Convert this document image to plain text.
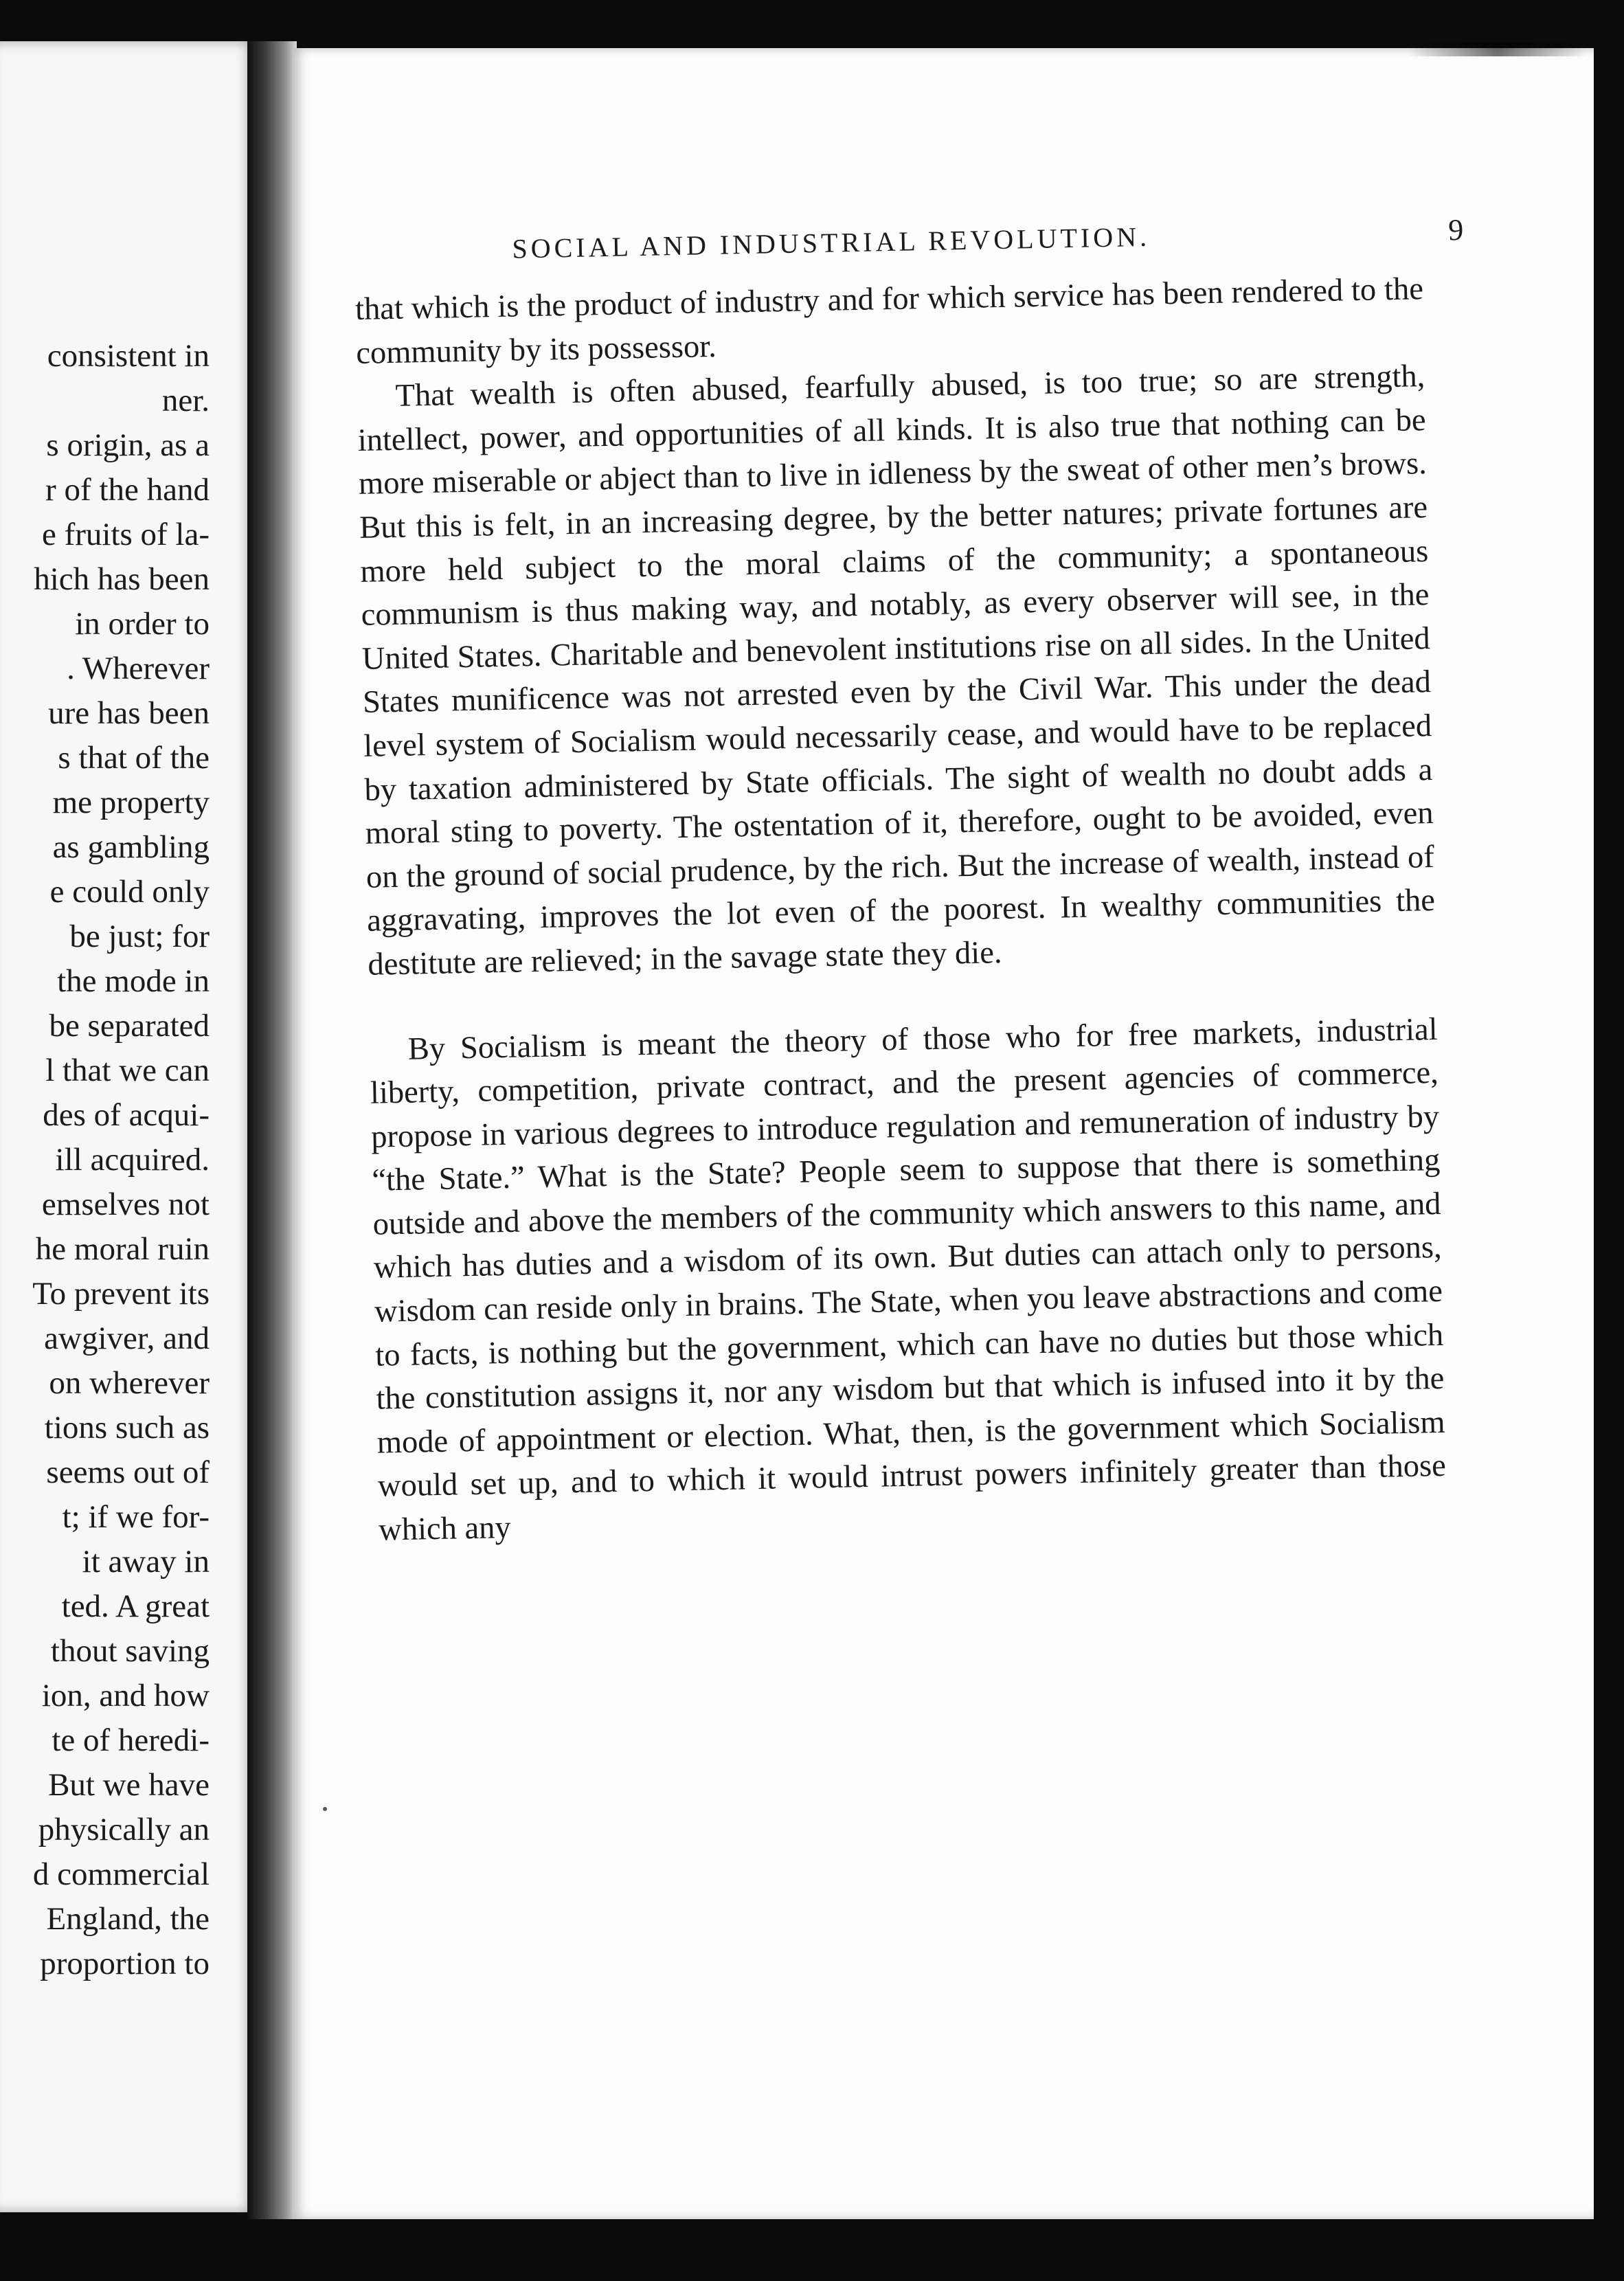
consistent in
ner.
s origin, as a
r of the hand
e fruits of la-
hich has been
in order to
. Wherever
ure has been
s that of the
me property
as gambling
e could only
be just; for
the mode in
be separated
l that we can
des of acqui-
ill acquired.
emselves not
he moral ruin
To prevent its
awgiver, and
on wherever
tions such as
seems out of
t; if we for-
it away in
ted. A great
thout saving
ion, and how
te of heredi-
But we have
physically an
d commercial
England, the
proportion to
SOCIAL AND INDUSTRIAL REVOLUTION.	9

that which is the product of industry and for which service has been rendered to the community by its possessor.

That wealth is often abused, fearfully abused, is too true; so are strength, intellect, power, and opportunities of all kinds. It is also true that nothing can be more miserable or abject than to live in idleness by the sweat of other men’s brows. But this is felt, in an increasing degree, by the better natures; private fortunes are more held subject to the moral claims of the community; a spontaneous communism is thus making way, and notably, as every observer will see, in the United States. Charitable and benevolent institutions rise on all sides. In the United States munificence was not arrested even by the Civil War. This under the dead level system of Socialism would necessarily cease, and would have to be replaced by taxation administered by State officials. The sight of wealth no doubt adds a moral sting to poverty. The ostentation of it, therefore, ought to be avoided, even on the ground of social prudence, by the rich. But the increase of wealth, instead of aggravating, improves the lot even of the poorest. In wealthy communities the destitute are relieved; in the savage state they die.

By Socialism is meant the theory of those who for free markets, industrial liberty, competition, private contract, and the present agencies of commerce, propose in various degrees to introduce regulation and remuneration of industry by “the State.” What is the State? People seem to suppose that there is something outside and above the members of the community which answers to this name, and which has duties and a wisdom of its own. But duties can attach only to persons, wisdom can reside only in brains. The State, when you leave abstractions and come to facts, is nothing but the government, which can have no duties but those which the constitution assigns it, nor any wisdom but that which is infused into it by the mode of appointment or election. What, then, is the government which Socialism would set up, and to which it would intrust powers infinitely greater than those which any
